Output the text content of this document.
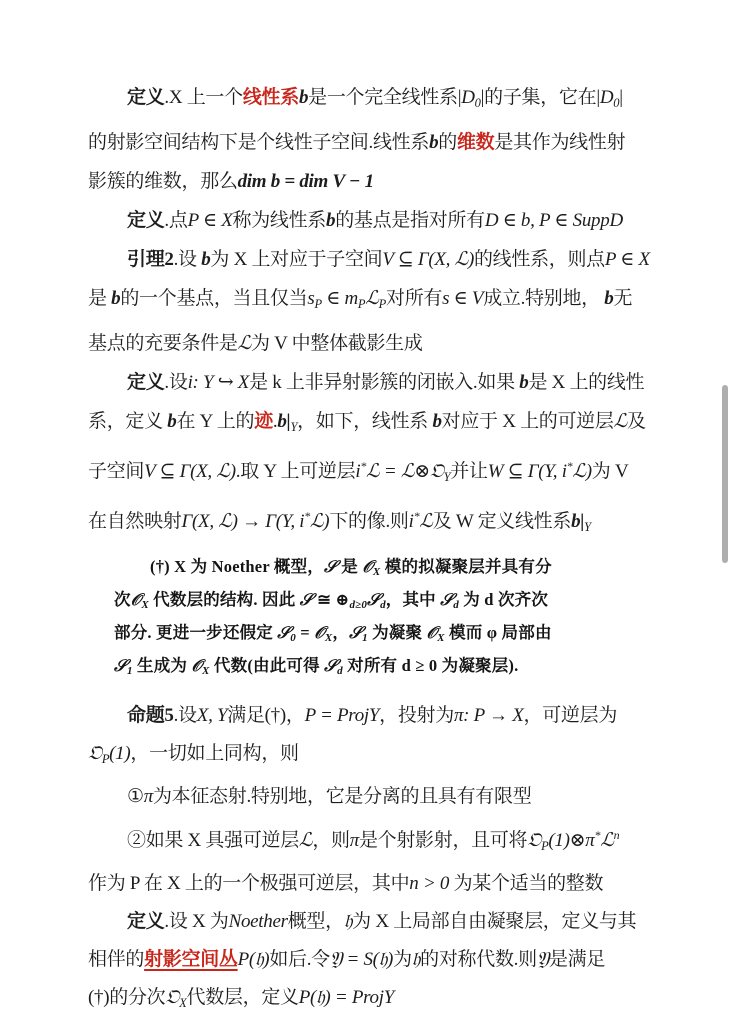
定义.X 上一个线性系b是一个完全线性系$|D_0|$的子集，它在$|D_0|$
的射影空间结构下是个线性子空间.线性系b的维数是其作为线性射
影簇的维数，那么dim b = dim V − 1
定义.点P ∈ X称为线性系b的基点是指对所有D ∈ b, P ∈ SuppD
引理2.设 b为 X 上对应于子空间V ⊆ Γ(X, ℒ)的线性系，则点P ∈ X
是 b的一个基点，当且仅当$s_P$ ∈ $m_Pℒ_P$对所有s ∈ V成立.特别地， b无
基点的充要条件是ℒ为 V 中整体截影生成
定义.设i: Y ↪ X是 k 上非异射影簇的闭嵌入.如果 b是 X 上的线性
系，定义 b在 Y 上的迹$.b|_Y$，如下，线性系 b对应于 X 上的可逆层ℒ及
子空间V ⊆ Γ(X, ℒ).取 Y 上可逆层i*ℒ = ℒ⊗𝔒$_Y$并让W ⊆ Γ(Y, i*ℒ)为 V
在自然映射Γ(X, ℒ) → Γ(Y, i*ℒ)下的像.则i*ℒ及 W 定义线性系$b|_Y$
(†) X 为 Noether 概型，𝒮 是 𝒪X 模的拟凝聚层并具有分
次𝒪X 代数层的结构. 因此 𝒮 ≅ ⊕d≥0𝒮d，其中 𝒮d 为 d 次齐次
部分. 更进一步还假定 𝒮0 = 𝒪X，𝒮1 为凝聚 𝒪X 模而 φ 局部由
𝒮1 生成为 𝒪X 代数(由此可得 𝒮d 对所有 d ≥ 0 为凝聚层).
命题5.设X, Y满足(†)，P = ProjY，投射为π: P → X，可逆层为
𝔒$_P$(1)，一切如上同构，则
①π为本征态射.特别地，它是分离的且具有有限型
②如果 X 具强可逆层ℒ，则π是个射影射，且可将𝔒$_P$(1)⊗π*ℒ$^n$
作为 P 在 X 上的一个极强可逆层，其中n > 0 为某个适当的整数
定义.设 X 为Noether概型，𝔥为 X 上局部自由凝聚层，定义与其
相伴的射影空间丛P(𝔥)如后.令𝔜 = S(𝔥)为𝔥的对称代数.则𝔜是满足
(†)的分次𝔒$_X$代数层，定义P(𝔥) = ProjY
